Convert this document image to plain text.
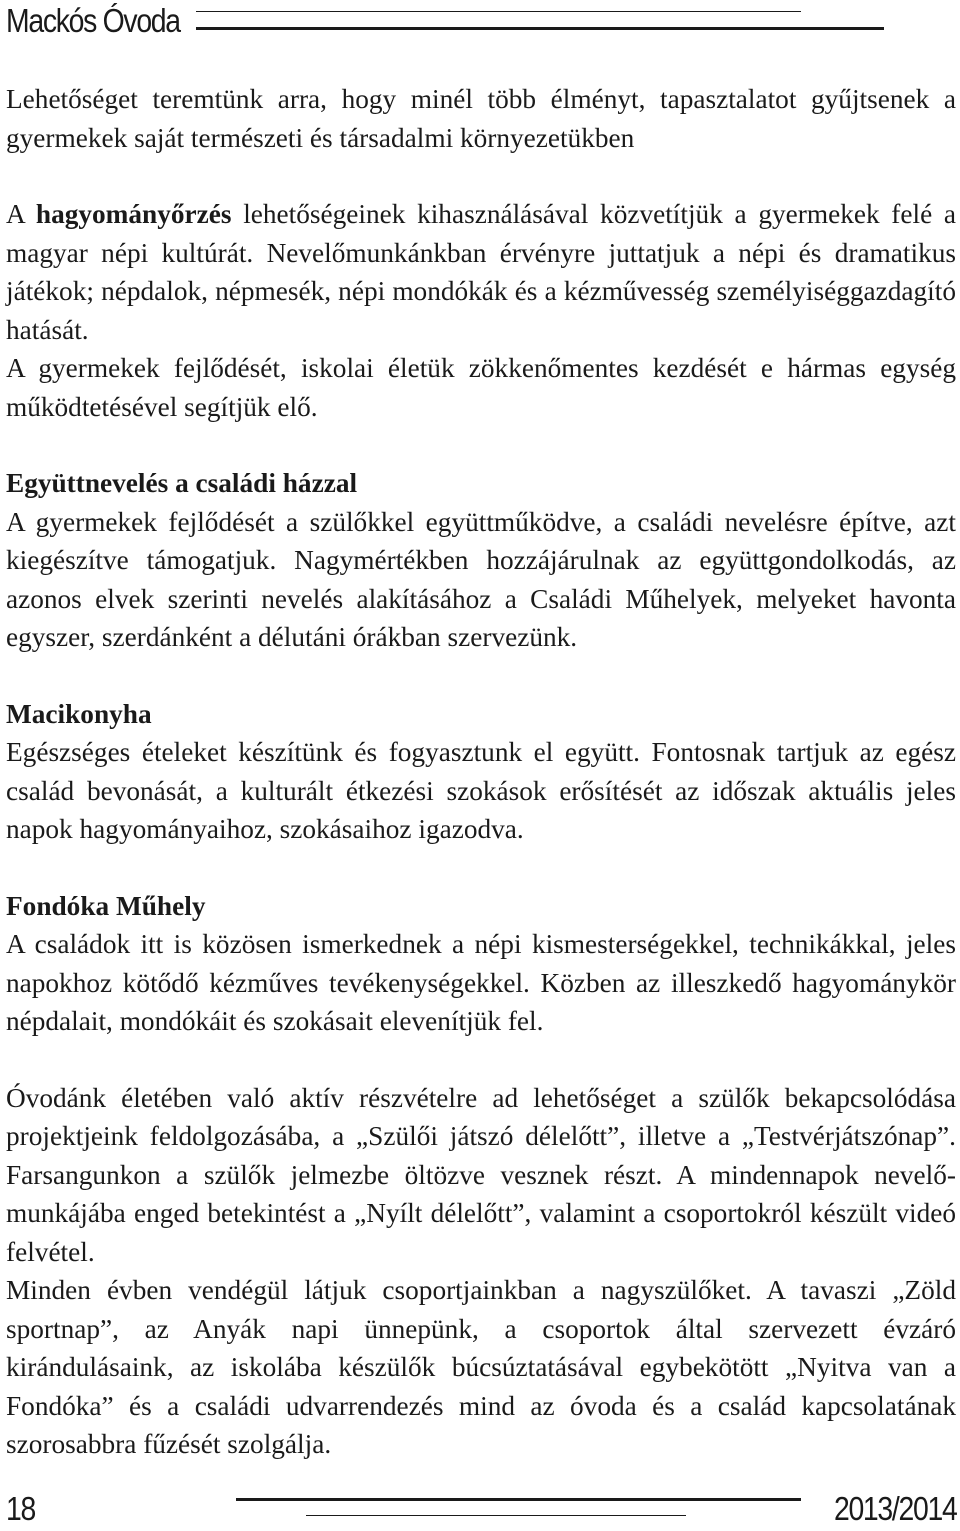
Mackós Óvoda

Lehetőséget teremtünk arra, hogy minél több élményt, tapasztalatot gyűjtsenek a gyermekek saját természeti és társadalmi környezetükben

A hagyományőrzés lehetőségeinek kihasználásával közvetítjük a gyermekek felé a magyar népi kultúrát. Nevelőmunkánkban érvényre juttatjuk a népi és dramatikus játékok; népdalok, népmesék, népi mondókák és a kézművesség személyiséggazdagító hatását.

A gyermekek fejlődését, iskolai életük zökkenőmentes kezdését e hármas egység működtetésével segítjük elő.

Együttnevelés a családi házzal

A gyermekek fejlődését a szülőkkel együttműködve, a családi nevelésre építve, azt kiegészítve támogatjuk. Nagymértékben hozzájárulnak az együttgondolkodás, az azonos elvek szerinti nevelés alakításához a Családi Műhelyek, melyeket havonta egyszer, szerdánként a délutáni órákban szervezünk.

Macikonyha

Egészséges ételeket készítünk és fogyasztunk el együtt. Fontosnak tartjuk az egész család bevonását, a kulturált étkezési szokások erősítését az időszak aktuális jeles napok hagyományaihoz, szokásaihoz igazodva.

Fondóka Műhely

A családok itt is közösen ismerkednek a népi kismesterségekkel, technikákkal, jeles napokhoz kötődő kézműves tevékenységekkel. Közben az illeszkedő hagyománykör népdalait, mondókáit és szokásait elevenítjük fel.

Óvodánk életében való aktív részvételre ad lehetőséget a szülők bekapcsolódása projektjeink feldolgozásába, a „Szülői játszó délelőtt”, illetve a „Testvérjátszónap”. Farsangunkon a szülők jelmezbe öltözve vesznek részt. A mindennapok nevelő-munkájába enged betekintést a „Nyílt délelőtt”, valamint a csoportokról készült videó felvétel.

Minden évben vendégül látjuk csoportjainkban a nagyszülőket. A tavaszi „Zöld sportnap”, az Anyák napi ünnepünk, a csoportok által szervezett évzáró kirándulásaink, az iskolába készülők búcsúztatásával egybekötött „Nyitva van a Fondóka” és a családi udvarrendezés mind az óvoda és a család kapcsolatának szorosabbra fűzését szolgálja.

18	2013/2014
